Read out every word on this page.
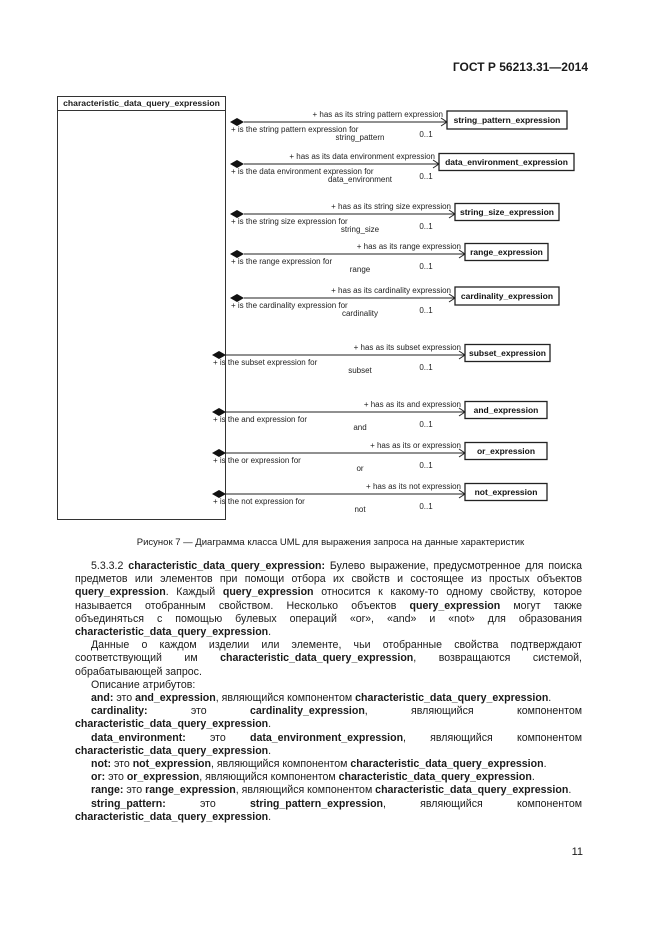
ГОСТ Р 56213.31—2014
characteristic_data_query_expression
string_pattern_expression
+ has as its string pattern expression
+ is the string pattern expression for
string_pattern	0..1
data_environment_expression
+ has as its data environment expression
+ is the data environment expression for
data_environment	0..1
string_size_expression
+ has as its string size expression
+ is the string size expression for
string_size	0..1
range_expression
+ has as its range expression
+ is the range expression for
range	0..1
cardinality_expression
+ has as its cardinality expression
+ is the cardinality expression for
cardinality	0..1
subset_expression
+ has as its subset expression
+ is the subset expression for
subset	0..1
and_expression
+ has as its and expression
+ is the and expression for
and	0..1
or_expression
+ has as its or expression
+ is the or expression for
or	0..1
not_expression
+ has as its not expression
+ is the not expression for
not	0..1
Рисунок 7 — Диаграмма класса UML для выражения запроса на данные характеристик

5.3.3.2 characteristic_data_query_expression: Булево выражение, предусмотренное для поиска предметов или элементов при помощи отбора их свойств и состоящее из простых объектов query_expression. Каждый query_expression относится к какому-то одному свойству, которое называется отобранным свойством. Несколько объектов query_expression могут также объединяться с помощью булевых операций «or», «and» и «not» для образования characteristic_data_query_expression.

Данные о каждом изделии или элементе, чьи отобранные свойства подтверждают соответствующий им characteristic_data_query_expression, возвращаются системой, обрабатывающей запрос.

Описание атрибутов:

and: это and_expression, являющийся компонентом characteristic_data_query_expression.

cardinality: это cardinality_expression, являющийся компонентом characteristic_data_query_expression.

data_environment: это data_environment_expression, являющийся компонентом characteristic_data_query_expression.

not: это not_expression, являющийся компонентом characteristic_data_query_expression.

or: это or_expression, являющийся компонентом characteristic_data_query_expression.

range: это range_expression, являющийся компонентом characteristic_data_query_expression.

string_pattern: это string_pattern_expression, являющийся компонентом characteristic_data_query_expression.

11
